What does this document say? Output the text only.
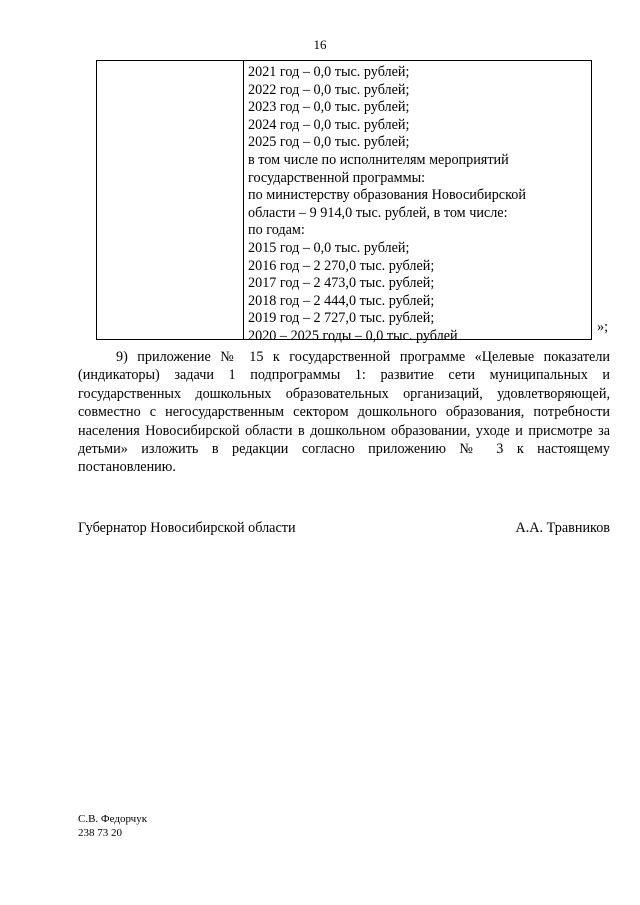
16
2021 год – 0,0 тыс. рублей;
2022 год – 0,0 тыс. рублей;
2023 год – 0,0 тыс. рублей;
2024 год – 0,0 тыс. рублей;
2025 год – 0,0 тыс. рублей;
в том числе по исполнителям мероприятий
государственной программы:
по министерству образования Новосибирской
области – 9 914,0 тыс. рублей, в том числе:
по годам:
2015 год – 0,0 тыс. рублей;
2016 год – 2 270,0 тыс. рублей;
2017 год – 2 473,0 тыс. рублей;
2018 год – 2 444,0 тыс. рублей;
2019 год – 2 727,0 тыс. рублей;
2020 – 2025 годы – 0,0 тыс. рублей
»;

9) приложение № 15 к государственной программе «Целевые показатели (индикаторы) задачи 1 подпрограммы 1: развитие сети муниципальных и государственных дошкольных образовательных организаций, удовлетворяющей, совместно с негосударственным сектором дошкольного образования, потребности населения Новосибирской области в дошкольном образовании, уходе и присмотре за детьми» изложить в редакции согласно приложению № 3 к настоящему постановлению.

Губернатор Новосибирской области	А.А. Травников
С.В. Федорчук
238 73 20
